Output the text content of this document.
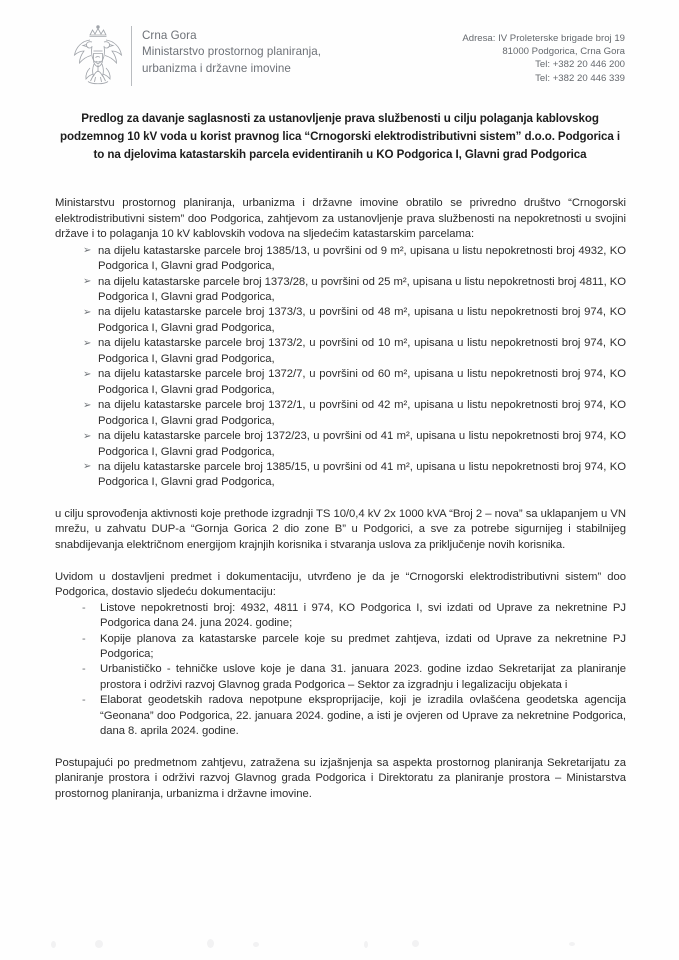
Crna Gora
Ministarstvo prostornog planiranja,
urbanizma i državne imovine
Adresa: IV Proleterske brigade broj 19
81000 Podgorica, Crna Gora
Tel: +382 20 446 200
Tel: +382 20 446 339
Predlog za davanje saglasnosti za ustanovljenje prava službenosti u cilju polaganja kablovskog podzemnog 10 kV voda u korist pravnog lica “Crnogorski elektrodistributivni sistem” d.o.o. Podgorica i to na djelovima katastarskih parcela evidentiranih u KO Podgorica I, Glavni grad Podgorica

Ministarstvu prostornog planiranja, urbanizma i državne imovine obratilo se privredno društvo “Crnogorski elektrodistributivni sistem” doo Podgorica, zahtjevom za ustanovljenje prava službenosti na nepokretnosti u svojini države i to polaganja 10 kV kablovskih vodova na sljedećim katastarskim parcelama:

➢ na dijelu katastarske parcele broj 1385/13, u površini od 9 m², upisana u listu nepokretnosti broj 4932, KO Podgorica I, Glavni grad Podgorica,
➢ na dijelu katastarske parcele broj 1373/28, u površini od 25 m², upisana u listu nepokretnosti broj 4811, KO Podgorica I, Glavni grad Podgorica,
➢ na dijelu katastarske parcele broj 1373/3, u površini od 48 m², upisana u listu nepokretnosti broj 974, KO Podgorica I, Glavni grad Podgorica,
➢ na dijelu katastarske parcele broj 1373/2, u površini od 10 m², upisana u listu nepokretnosti broj 974, KO Podgorica I, Glavni grad Podgorica,
➢ na dijelu katastarske parcele broj 1372/7, u površini od 60 m², upisana u listu nepokretnosti broj 974, KO Podgorica I, Glavni grad Podgorica,
➢ na dijelu katastarske parcele broj 1372/1, u površini od 42 m², upisana u listu nepokretnosti broj 974, KO Podgorica I, Glavni grad Podgorica,
➢ na dijelu katastarske parcele broj 1372/23, u površini od 41 m², upisana u listu nepokretnosti broj 974, KO Podgorica I, Glavni grad Podgorica,
➢ na dijelu katastarske parcele broj 1385/15, u površini od 41 m², upisana u listu nepokretnosti broj 974, KO Podgorica I, Glavni grad Podgorica,

u cilju sprovođenja aktivnosti koje prethode izgradnji TS 10/0,4 kV 2x 1000 kVA “Broj 2 – nova” sa uklapanjem u VN mrežu, u zahvatu DUP-a “Gornja Gorica 2 dio zone B” u Podgorici, a sve za potrebe sigurnijeg i stabilnijeg snabdijevanja električnom energijom krajnjih korisnika i stvaranja uslova za priključenje novih korisnika.

Uvidom u dostavljeni predmet i dokumentaciju, utvrđeno je da je “Crnogorski elektrodistributivni sistem” doo Podgorica, dostavio sljedeću dokumentaciju:

- Listove nepokretnosti broj: 4932, 4811 i 974, KO Podgorica I, svi izdati od Uprave za nekretnine PJ Podgorica dana 24. juna 2024. godine;
- Kopije planova za katastarske parcele koje su predmet zahtjeva, izdati od Uprave za nekretnine PJ Podgorica;
- Urbanističko - tehničke uslove koje je dana 31. januara 2023. godine izdao Sekretarijat za planiranje prostora i održivi razvoj Glavnog grada Podgorica – Sektor za izgradnju i legalizaciju objekata i
- Elaborat geodetskih radova nepotpune eksproprijacije, koji je izradila ovlašćena geodetska agencija “Geonana” doo Podgorica, 22. januara 2024. godine, a isti je ovjeren od Uprave za nekretnine Podgorica, dana 8. aprila 2024. godine.

Postupajući po predmetnom zahtjevu, zatražena su izjašnjenja sa aspekta prostornog planiranja Sekretarijatu za planiranje prostora i održivi razvoj Glavnog grada Podgorica i Direktoratu za planiranje prostora – Ministarstva prostornog planiranja, urbanizma i državne imovine.
